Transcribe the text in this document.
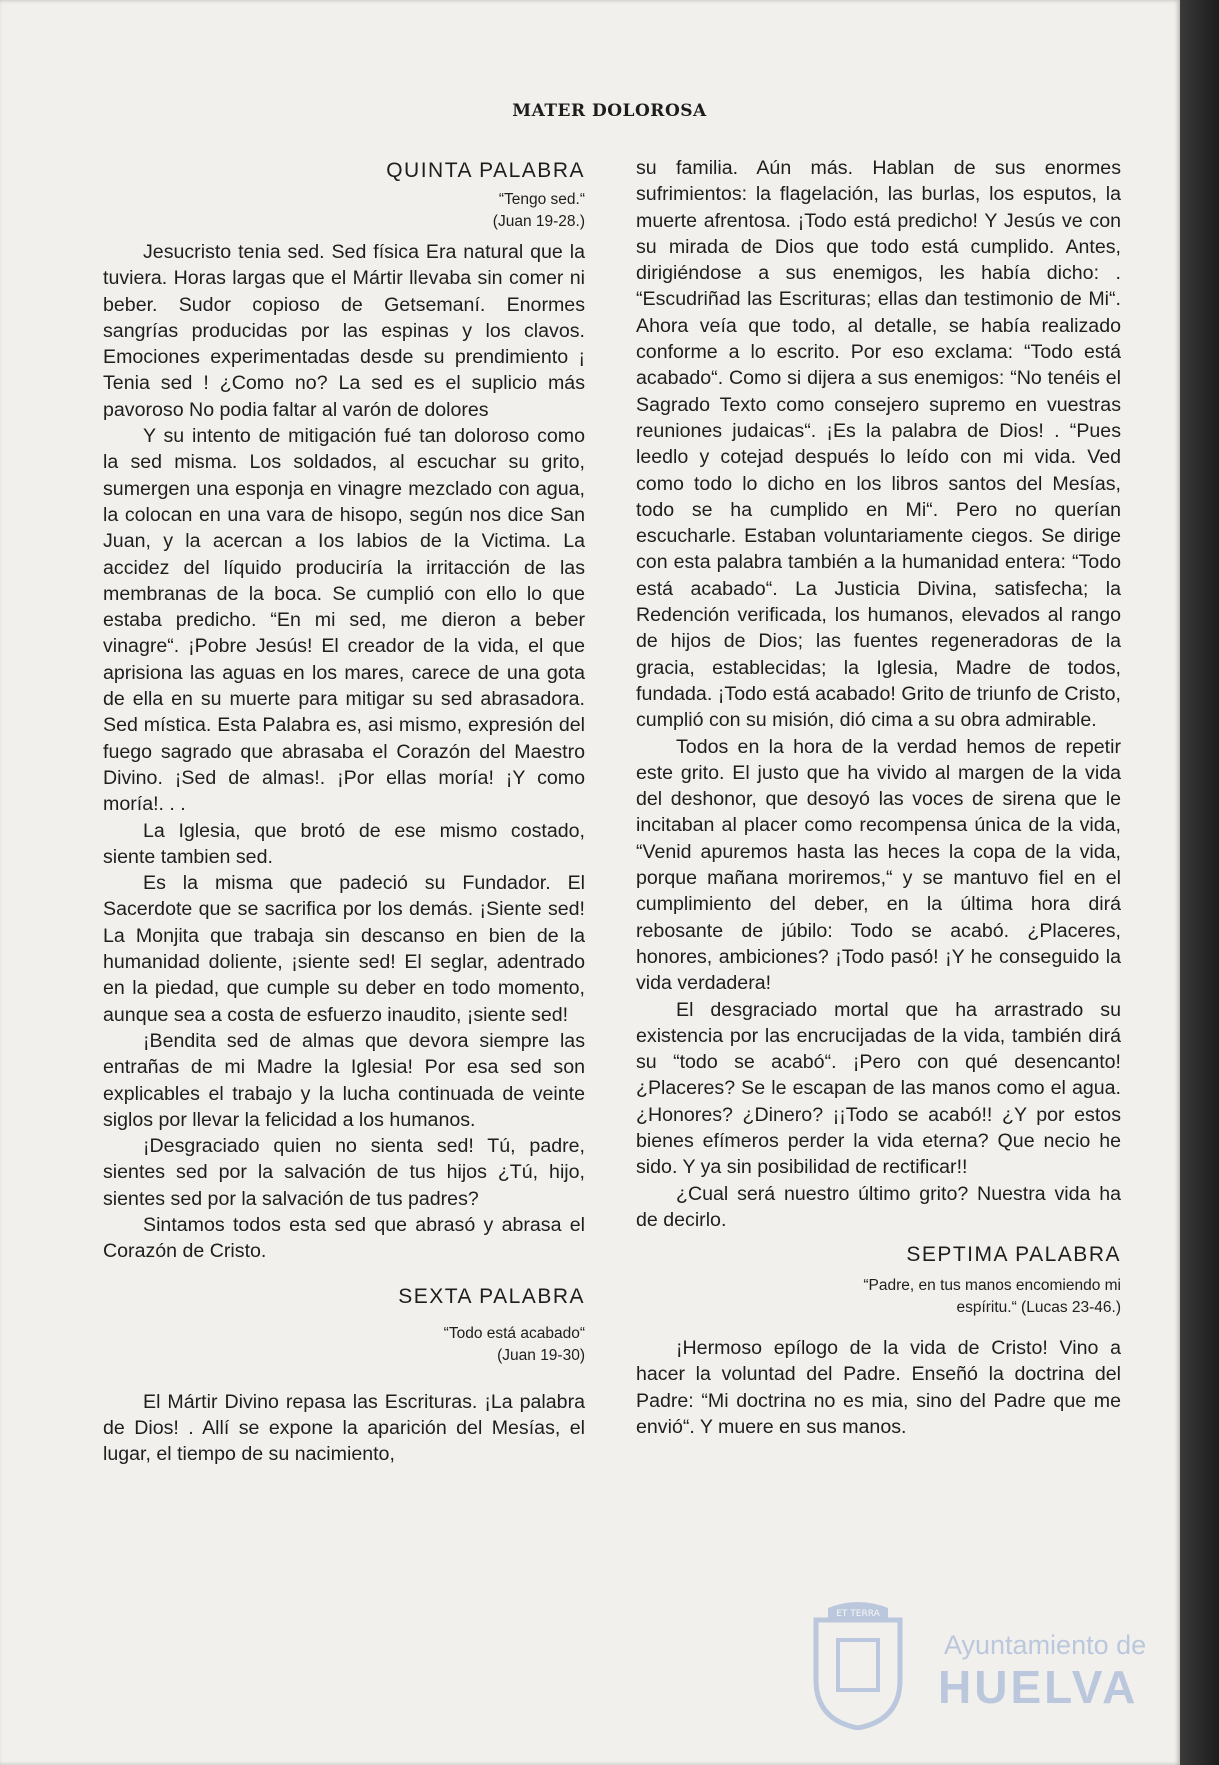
MATER DOLOROSA
QUINTA PALABRA
“Tengo sed.“
(Juan 19-28.)

Jesucristo tenia sed. Sed física Era natural que la tuviera. Horas largas que el Mártir llevaba sin comer ni beber. Sudor copioso de Getsemaní. Enormes sangrías producidas por las espinas y los clavos. Emociones experimentadas desde su prendimiento ¡ Tenia sed ! ¿Como no? La sed es el suplicio más pavoroso No podia faltar al varón de dolores

Y su intento de mitigación fué tan doloroso como la sed misma. Los soldados, al escuchar su grito, sumergen una esponja en vinagre mezclado con agua, la colocan en una vara de hisopo, según nos dice San Juan, y la acercan a Ios labios de la Victima. La accidez del líquido produciría la irritacción de las membranas de la boca. Se cumplió con ello lo que estaba predicho. “En mi sed, me dieron a beber vinagre“. ¡Pobre Jesús! El creador de la vida, el que aprisiona las aguas en los mares, carece de una gota de ella en su muerte para mitigar su sed abrasadora. Sed mística. Esta Palabra es, asi mismo, expresión del fuego sagrado que abrasaba el Corazón del Maestro Divino. ¡Sed de almas!. ¡Por ellas moría! ¡Y como moría!. . .

La Iglesia, que brotó de ese mismo costado, siente tambien sed.

Es la misma que padeció su Fundador. El Sacerdote que se sacrifica por los demás. ¡Siente sed! La Monjita que trabaja sin descanso en bien de la humanidad doliente, ¡siente sed! El seglar, adentrado en la piedad, que cumple su deber en todo momento, aunque sea a costa de esfuerzo inaudito, ¡siente sed!

¡Bendita sed de almas que devora siempre las entrañas de mi Madre la Iglesia! Por esa sed son explicables el trabajo y la lucha continuada de veinte siglos por llevar la felicidad a los humanos.

¡Desgraciado quien no sienta sed! Tú, padre, sientes sed por la salvación de tus hijos ¿Tú, hijo, sientes sed por la salvación de tus padres?

Sintamos todos esta sed que abrasó y abrasa el Corazón de Cristo.

SEXTA PALABRA
“Todo está acabado“
(Juan 19-30)

El Mártir Divino repasa las Escrituras. ¡La palabra de Dios! . Allí se expone la aparición del Mesías, el lugar, el tiempo de su nacimiento,

su familia. Aún más. Hablan de sus enormes sufrimientos: la flagelación, las burlas, los esputos, la muerte afrentosa. ¡Todo está predicho! Y Jesús ve con su mirada de Dios que todo está cumplido. Antes, dirigiéndose a sus enemigos, les había dicho: . “Escudriñad las Escrituras; ellas dan testimonio de Mi“. Ahora veía que todo, al detalle, se había realizado conforme a lo escrito. Por eso exclama: “Todo está acabado“. Como si dijera a sus enemigos: “No tenéis el Sagrado Texto como consejero supremo en vuestras reuniones judaicas“. ¡Es la palabra de Dios! . “Pues leedlo y cotejad después lo leído con mi vida. Ved como todo lo dicho en los libros santos del Mesías, todo se ha cumplido en Mi“. Pero no querían escucharle. Estaban voluntariamente ciegos. Se dirige con esta palabra también a la humanidad entera: “Todo está acabado“. La Justicia Divina, satisfecha; la Redención verificada, los humanos, elevados al rango de hijos de Dios; las fuentes regeneradoras de la gracia, establecidas; la Iglesia, Madre de todos, fundada. ¡Todo está acabado! Grito de triunfo de Cristo, cumplió con su misión, dió cima a su obra admirable.

Todos en la hora de la verdad hemos de repetir este grito. El justo que ha vivido al margen de la vida del deshonor, que desoyó las voces de sirena que le incitaban al placer como recompensa única de la vida, “Venid apuremos hasta las heces la copa de la vida, porque mañana moriremos,“ y se mantuvo fiel en el cumplimiento del deber, en la última hora dirá rebosante de júbilo: Todo se acabó. ¿Placeres, honores, ambiciones? ¡Todo pasó! ¡Y he conseguido la vida verdadera!

El desgraciado mortal que ha arrastrado su existencia por las encrucijadas de la vida, también dirá su “todo se acabó“. ¡Pero con qué desencanto! ¿Placeres? Se le escapan de las manos como el agua. ¿Honores? ¿Dinero? ¡¡Todo se acabó!! ¿Y por estos bienes efímeros perder la vida eterna? Que necio he sido. Y ya sin posibilidad de rectificar!!

¿Cual será nuestro último grito? Nuestra vida ha de decirlo.

SEPTIMA PALABRA
“Padre, en tus manos encomiendo mi espíritu.“ (Lucas 23-46.)

¡Hermoso epílogo de la vida de Cristo! Vino a hacer la voluntad del Padre. Enseñó la doctrina del Padre: “Mi doctrina no es mia, sino del Padre que me envió“. Y muere en sus manos.

ET TERRA
Ayuntamiento de
HUELVA
